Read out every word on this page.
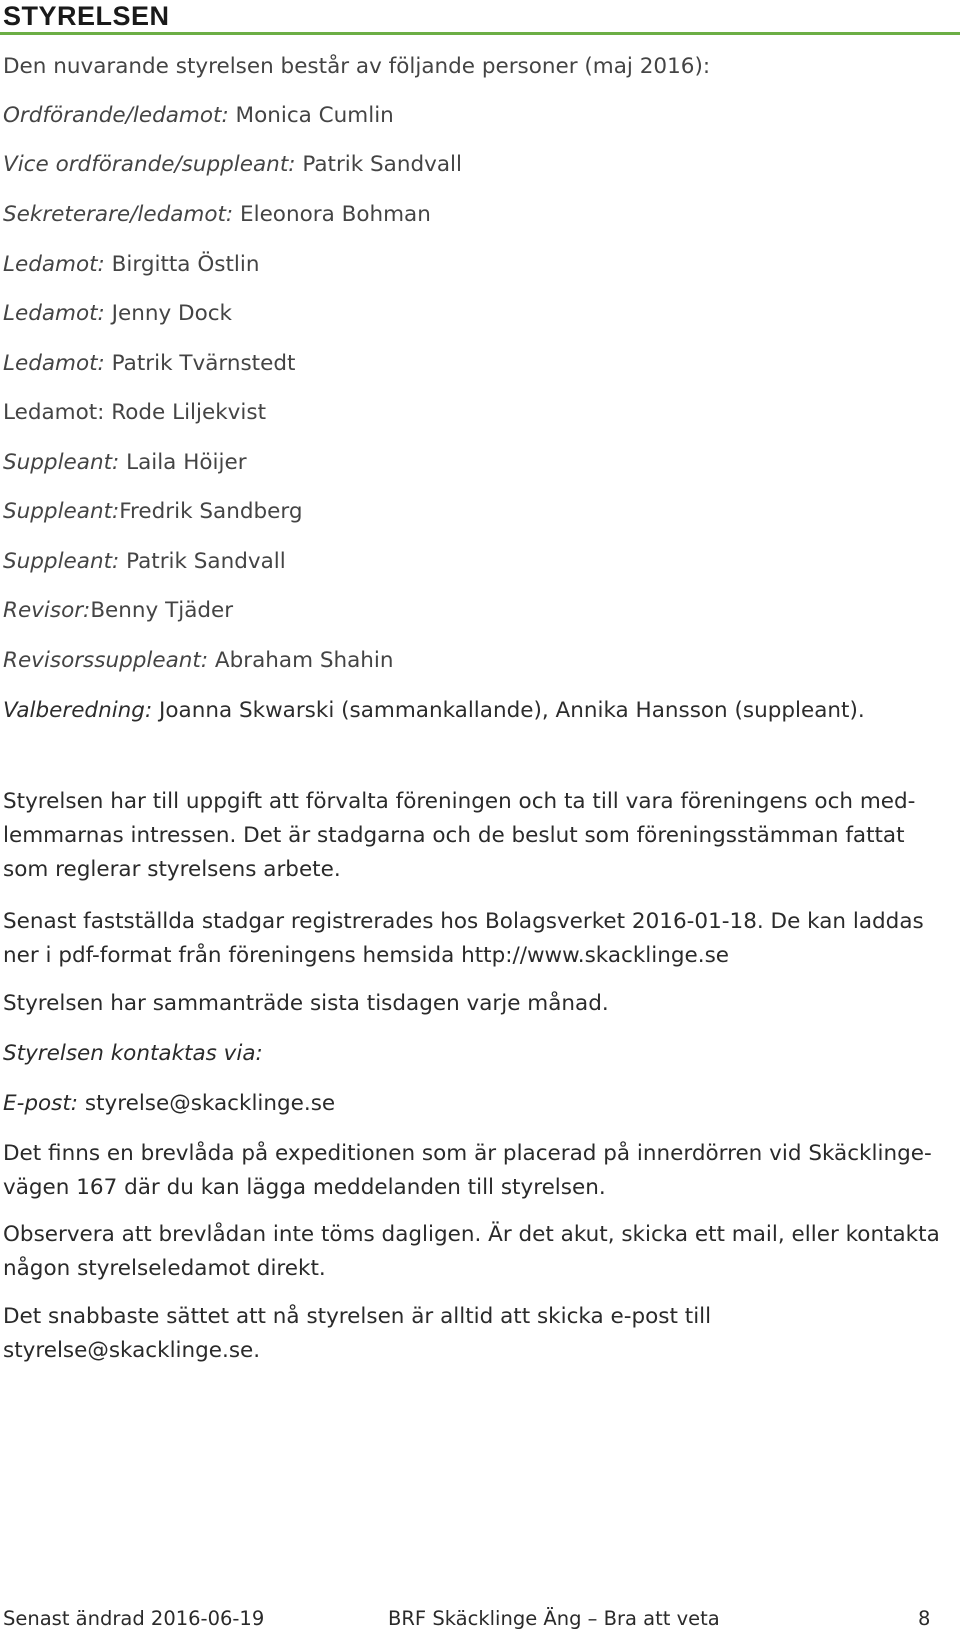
STYRELSEN
Den nuvarande styrelsen består av följande personer (maj 2016):
Ordförande/ledamot: Monica Cumlin
Vice ordförande/suppleant: Patrik Sandvall
Sekreterare/ledamot: Eleonora Bohman
Ledamot: Birgitta Östlin
Ledamot: Jenny Dock
Ledamot: Patrik Tvärnstedt
Ledamot: Rode Liljekvist
Suppleant: Laila Höijer
Suppleant:Fredrik Sandberg
Suppleant: Patrik Sandvall
Revisor:Benny Tjäder
Revisorssuppleant: Abraham Shahin
Valberedning: Joanna Skwarski (sammankallande), Annika Hansson (suppleant).
Styrelsen har till uppgift att förvalta föreningen och ta till vara föreningens och med-
lemmarnas intressen. Det är stadgarna och de beslut som föreningsstämman fattat
som reglerar styrelsens arbete.
Senast fastställda stadgar registrerades hos Bolagsverket 2016-01-18. De kan laddas
ner i pdf-format från föreningens hemsida http://www.skacklinge.se
Styrelsen har sammanträde sista tisdagen varje månad.
Styrelsen kontaktas via:
E-post: styrelse@skacklinge.se
Det finns en brevlåda på expeditionen som är placerad på innerdörren vid Skäcklinge-
vägen 167 där du kan lägga meddelanden till styrelsen.
Observera att brevlådan inte töms dagligen. Är det akut, skicka ett mail, eller kontakta
någon styrelseledamot direkt.
Det snabbaste sättet att nå styrelsen är alltid att skicka e-post till
styrelse@skacklinge.se.
Senast ändrad 2016-06-19	BRF Skäcklinge Äng – Bra att veta	8
